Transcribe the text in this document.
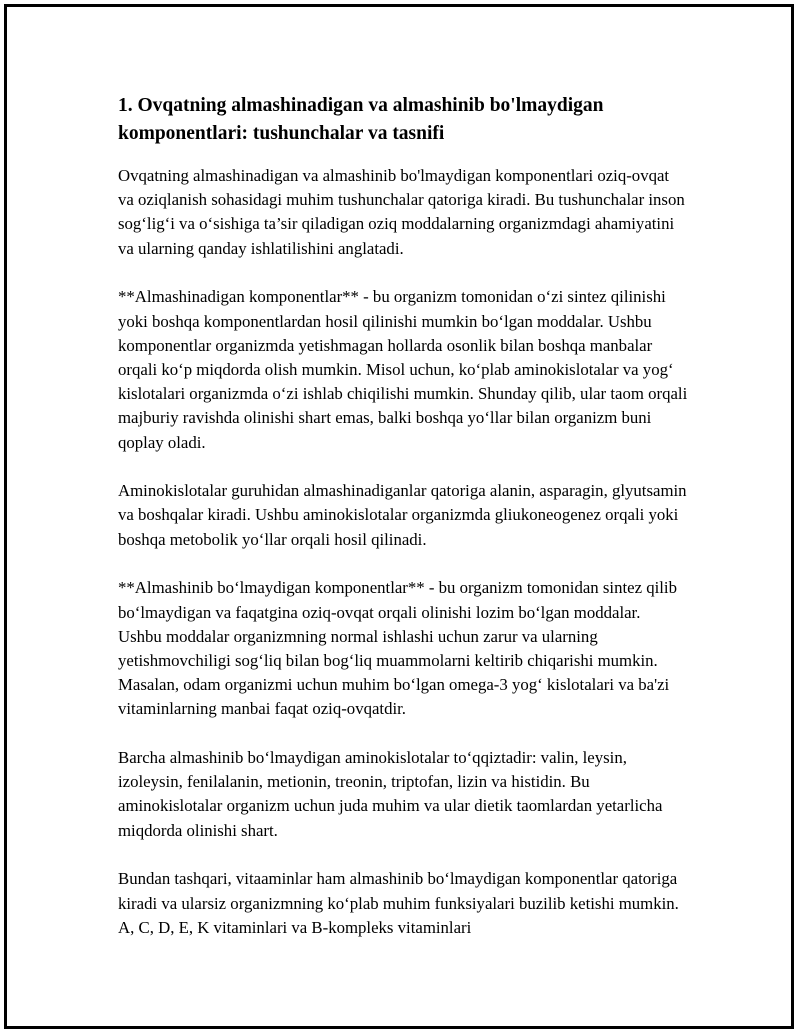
1. Ovqatning almashinadigan va almashinib bo'lmaydigan komponentlari: tushunchalar va tasnifi

Ovqatning almashinadigan va almashinib bo'lmaydigan komponentlari oziq-ovqat va oziqlanish sohasidagi muhim tushunchalar qatoriga kiradi. Bu tushunchalar inson sog‘lig‘i va o‘sishiga ta’sir qiladigan oziq moddalarning organizmdagi ahamiyatini va ularning qanday ishlatilishini anglatadi.

**Almashinadigan komponentlar** - bu organizm tomonidan o‘zi sintez qilinishi yoki boshqa komponentlardan hosil qilinishi mumkin bo‘lgan moddalar. Ushbu komponentlar organizmda yetishmagan hollarda osonlik bilan boshqa manbalar orqali ko‘p miqdorda olish mumkin. Misol uchun, ko‘plab aminokislotalar va yog‘ kislotalari organizmda o‘zi ishlab chiqilishi mumkin. Shunday qilib, ular taom orqali majburiy ravishda olinishi shart emas, balki boshqa yo‘llar bilan organizm buni qoplay oladi.

Aminokislotalar guruhidan almashinadiganlar qatoriga alanin, asparagin, glyutsamin va boshqalar kiradi. Ushbu aminokislotalar organizmda gliukoneogenez orqali yoki boshqa metobolik yo‘llar orqali hosil qilinadi.

**Almashinib bo‘lmaydigan komponentlar** - bu organizm tomonidan sintez qilib bo‘lmaydigan va faqatgina oziq-ovqat orqali olinishi lozim bo‘lgan moddalar. Ushbu moddalar organizmning normal ishlashi uchun zarur va ularning yetishmovchiligi sog‘liq bilan bog‘liq muammolarni keltirib chiqarishi mumkin. Masalan, odam organizmi uchun muhim bo‘lgan omega-3 yog‘ kislotalari va ba'zi vitaminlarning manbai faqat oziq-ovqatdir.

Barcha almashinib bo‘lmaydigan aminokislotalar to‘qqiztadir: valin, leysin, izoleysin, fenilalanin, metionin, treonin, triptofan, lizin va histidin. Bu aminokislotalar organizm uchun juda muhim va ular dietik taomlardan yetarlicha miqdorda olinishi shart.

Bundan tashqari, vitaaminlar ham almashinib bo‘lmaydigan komponentlar qatoriga kiradi va ularsiz organizmning ko‘plab muhim funksiyalari buzilib ketishi mumkin. A, C, D, E, K vitaminlari va B-kompleks vitaminlari
